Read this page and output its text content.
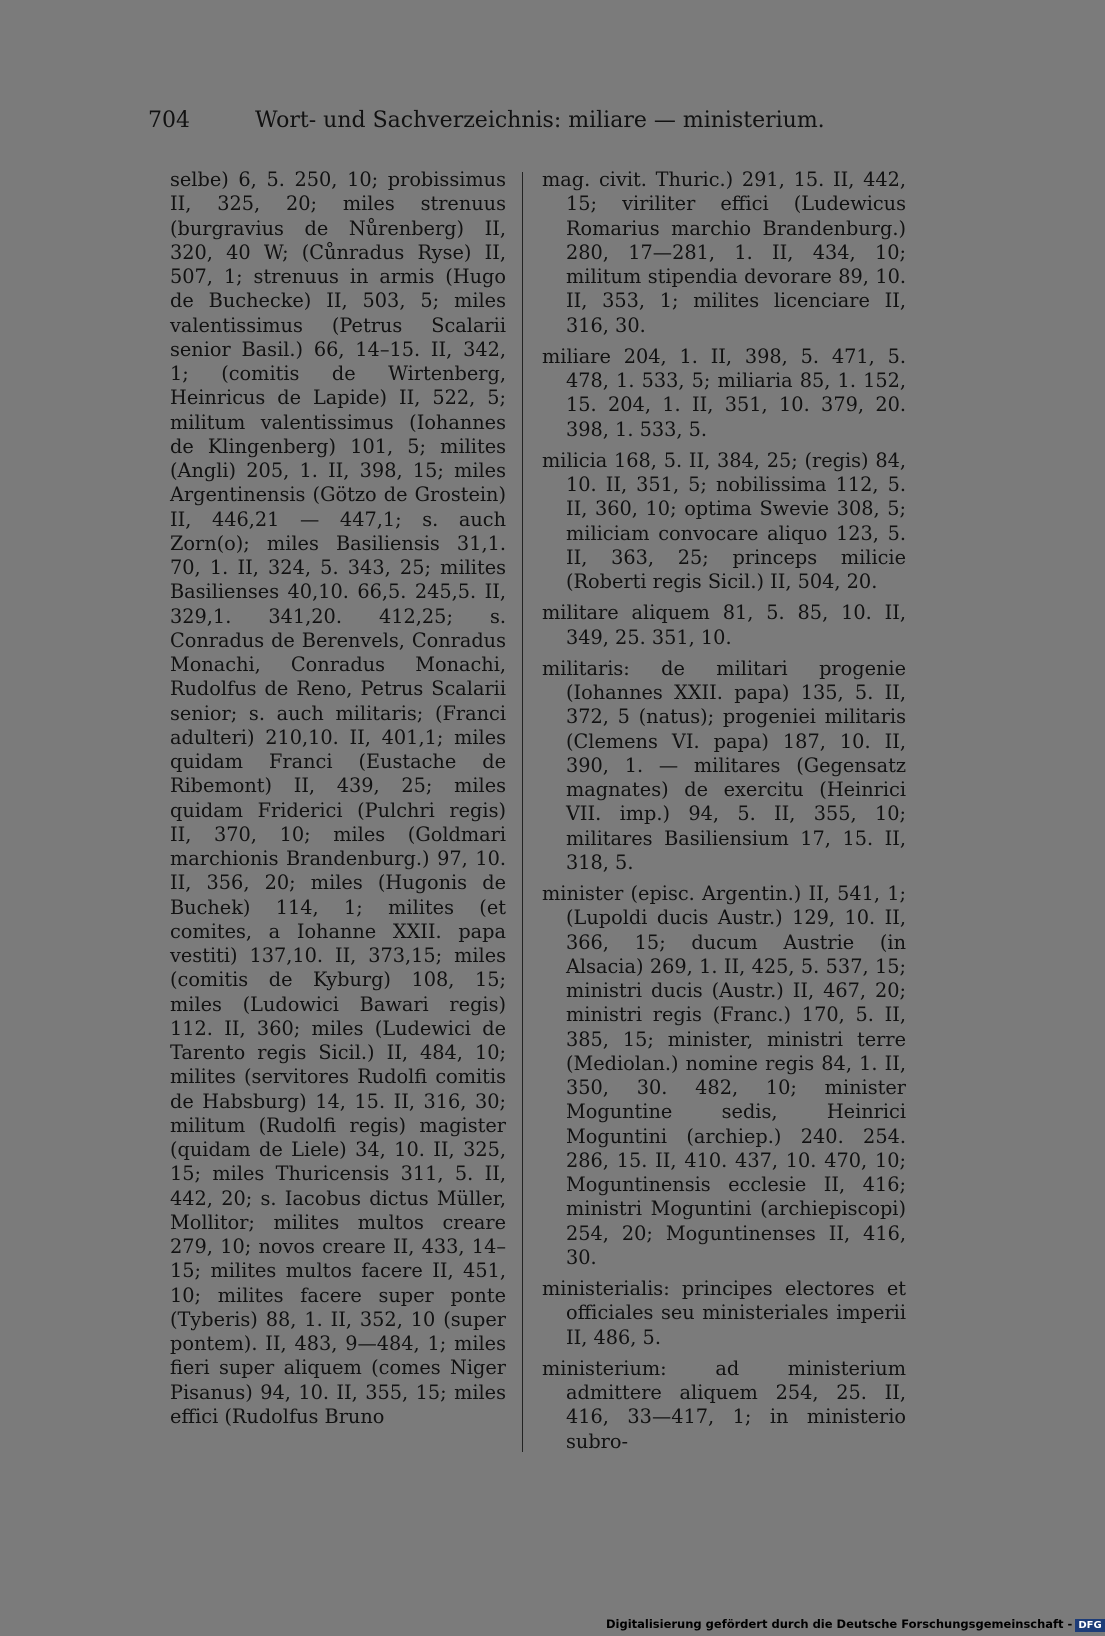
704	Wort- und Sachverzeichnis: miliare — ministerium.

selbe) 6, 5. 250, 10; probissimus II, 325, 20; miles strenuus (burgravius de Nůrenberg) II, 320, 40 W; (Cůnradus Ryse) II, 507, 1; strenuus in armis (Hugo de Buchecke) II, 503, 5; miles valentissimus (Petrus Scalarii senior Basil.) 66, 14–15. II, 342, 1; (comitis de Wirtenberg, Heinricus de Lapide) II, 522, 5; militum valentissimus (Iohannes de Klingenberg) 101, 5; milites (Angli) 205, 1. II, 398, 15; miles Argentinensis (Götzo de Grostein) II, 446,21 — 447,1; s. auch Zorn(o); miles Basiliensis 31,1. 70, 1. II, 324, 5. 343, 25; milites Basilienses 40,10. 66,5. 245,5. II, 329,1. 341,20. 412,25; s. Conradus de Berenvels, Conradus Monachi, Conradus Monachi, Rudolfus de Reno, Petrus Scalarii senior; s. auch militaris; (Franci adulteri) 210,10. II, 401,1; miles quidam Franci (Eustache de Ribemont) II, 439, 25; miles quidam Friderici (Pulchri regis) II, 370, 10; miles (Goldmari marchionis Brandenburg.) 97, 10. II, 356, 20; miles (Hugonis de Buchek) 114, 1; milites (et comites, a Iohanne XXII. papa vestiti) 137,10. II, 373,15; miles (comitis de Kyburg) 108, 15; miles (Ludowici Bawari regis) 112. II, 360; miles (Ludewici de Tarento regis Sicil.) II, 484, 10; milites (servitores Rudolfi comitis de Habsburg) 14, 15. II, 316, 30; militum (Rudolfi regis) magister (quidam de Liele) 34, 10. II, 325, 15; miles Thuricensis 311, 5. II, 442, 20; s. Iacobus dictus Müller, Mollitor; milites multos creare 279, 10; novos creare II, 433, 14–15; milites multos facere II, 451, 10; milites facere super ponte (Tyberis) 88, 1. II, 352, 10 (super pontem). II, 483, 9—484, 1; miles fieri super aliquem (comes Niger Pisanus) 94, 10. II, 355, 15; miles effici (Rudolfus Bruno

mag. civit. Thuric.) 291, 15. II, 442, 15; viriliter effici (Ludewicus Romarius marchio Brandenburg.) 280, 17—281, 1. II, 434, 10; militum stipendia devorare 89, 10. II, 353, 1; milites licenciare II, 316, 30.

miliare 204, 1. II, 398, 5. 471, 5. 478, 1. 533, 5; miliaria 85, 1. 152, 15. 204, 1. II, 351, 10. 379, 20. 398, 1. 533, 5.

milicia 168, 5. II, 384, 25; (regis) 84, 10. II, 351, 5; nobilissima 112, 5. II, 360, 10; optima Swevie 308, 5; miliciam convocare aliquo 123, 5. II, 363, 25; princeps milicie (Roberti regis Sicil.) II, 504, 20.

militare aliquem 81, 5. 85, 10. II, 349, 25. 351, 10.

militaris: de militari progenie (Iohannes XXII. papa) 135, 5. II, 372, 5 (natus); progeniei militaris (Clemens VI. papa) 187, 10. II, 390, 1. — militares (Gegensatz magnates) de exercitu (Heinrici VII. imp.) 94, 5. II, 355, 10; militares Basiliensium 17, 15. II, 318, 5.

minister (episc. Argentin.) II, 541, 1; (Lupoldi ducis Austr.) 129, 10. II, 366, 15; ducum Austrie (in Alsacia) 269, 1. II, 425, 5. 537, 15; ministri ducis (Austr.) II, 467, 20; ministri regis (Franc.) 170, 5. II, 385, 15; minister, ministri terre (Mediolan.) nomine regis 84, 1. II, 350, 30. 482, 10; minister Moguntine sedis, Heinrici Moguntini (archiep.) 240. 254. 286, 15. II, 410. 437, 10. 470, 10; Moguntinensis ecclesie II, 416; ministri Moguntini (archiepiscopi) 254, 20; Moguntinenses II, 416, 30.

ministerialis: principes electores et officiales seu ministeriales imperii II, 486, 5.

ministerium: ad ministerium admittere aliquem 254, 25. II, 416, 33—417, 1; in ministerio subro-

Digitalisierung gefördert durch die Deutsche Forschungsgemeinschaft - DFG
